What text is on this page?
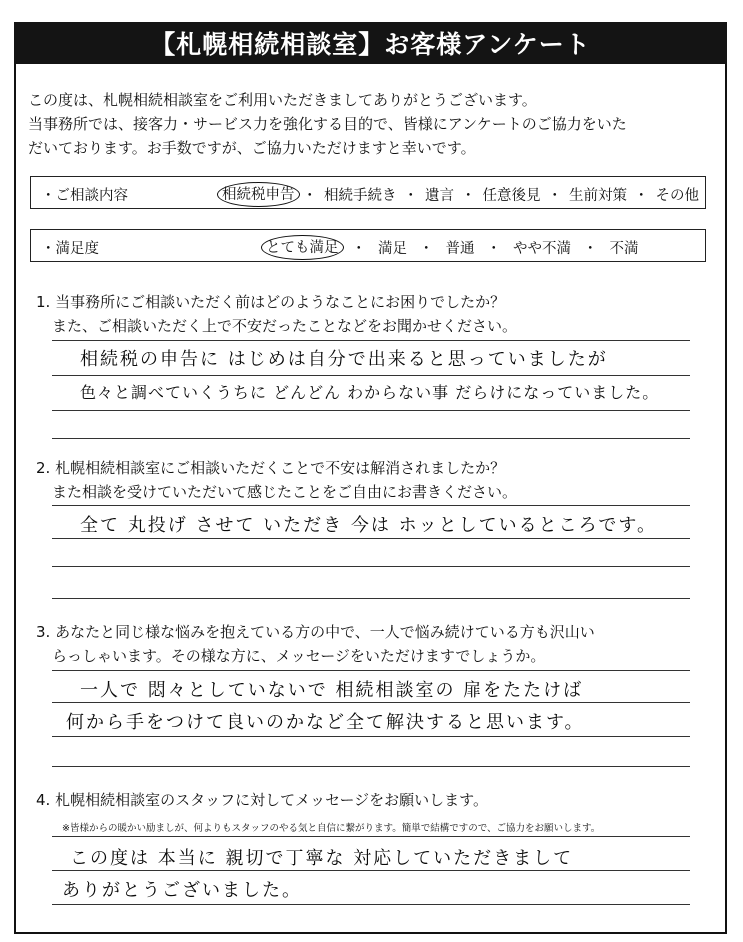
【札幌相続相談室】お客様アンケート
この度は、札幌相続相談室をご利用いただきましてありがとうございます。
当事務所では、接客力・サービス力を強化する目的で、皆様にアンケートのご協力をいた
だいております。お手数ですが、ご協力いただけますと幸いです。
・ご相談内容	相続税申告 ・ 相続手続き ・ 遺言 ・ 任意後見 ・ 生前対策 ・ その他
・満足度	とても満足 ・ 満足 ・ 普通 ・ やや不満 ・ 不満
1. 当事務所にご相談いただく前はどのようなことにお困りでしたか？
また、ご相談いただく上で不安だったことなどをお聞かせください。
相続税の申告に はじめは自分で出来ると思っていましたが
色々と調べていくうちに どんどん わからない事 だらけになっていました。
2. 札幌相続相談室にご相談いただくことで不安は解消されましたか？
また相談を受けていただいて感じたことをご自由にお書きください。
全て 丸投げ させて いただき 今は ホッとしているところです。
3. あなたと同じ様な悩みを抱えている方の中で、一人で悩み続けている方も沢山い
らっしゃいます。その様な方に、メッセージをいただけますでしょうか。
一人で 悶々としていないで 相続相談室の 扉をたたけば
何から手をつけて良いのかなど全て解決すると思います。
4. 札幌相続相談室のスタッフに対してメッセージをお願いします。
※皆様からの暖かい励ましが、何よりもスタッフのやる気と自信に繋がります。簡単で結構ですので、ご協力をお願いします。
この度は 本当に 親切で丁寧な 対応していただきまして
ありがとうございました。
